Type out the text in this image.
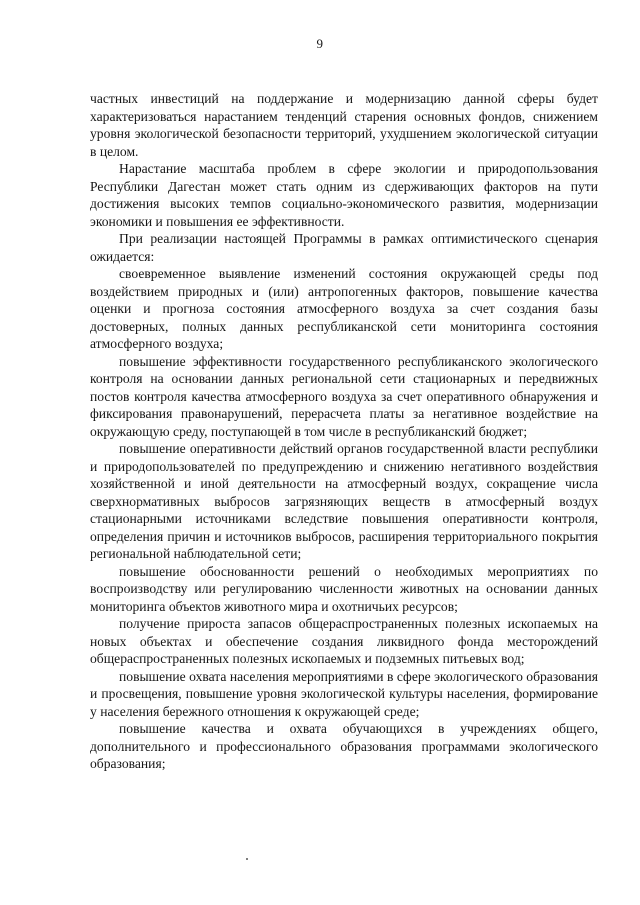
9

частных инвестиций на поддержание и модернизацию данной сферы будет характеризоваться нарастанием тенденций старения основных фондов, снижением уровня экологической безопасности территорий, ухудшением экологической ситуации в целом.

Нарастание масштаба проблем в сфере экологии и природопользования Республики Дагестан может стать одним из сдерживающих факторов на пути достижения высоких темпов социально-экономического развития, модернизации экономики и повышения ее эффективности.

При реализации настоящей Программы в рамках оптимистического сценария ожидается:

своевременное выявление изменений состояния окружающей среды под воздействием природных и (или) антропогенных факторов, повышение качества оценки и прогноза состояния атмосферного воздуха за счет создания базы достоверных, полных данных республиканской сети мониторинга состояния атмосферного воздуха;

повышение эффективности государственного республиканского экологического контроля на основании данных региональной сети стационарных и передвижных постов контроля качества атмосферного воздуха за счет оперативного обнаружения и фиксирования правонарушений, перерасчета платы за негативное воздействие на окружающую среду, поступающей в том числе в республиканский бюджет;

повышение оперативности действий органов государственной власти республики и природопользователей по предупреждению и снижению негативного воздействия хозяйственной и иной деятельности на атмосферный воздух, сокращение числа сверхнормативных выбросов загрязняющих веществ в атмосферный воздух стационарными источниками вследствие повышения оперативности контроля, определения причин и источников выбросов, расширения территориального покрытия региональной наблюдательной сети;

повышение обоснованности решений о необходимых мероприятиях по воспроизводству или регулированию численности животных на основании данных мониторинга объектов животного мира и охотничьих ресурсов;

получение прироста запасов общераспространенных полезных ископаемых на новых объектах и обеспечение создания ликвидного фонда месторождений общераспространенных полезных ископаемых и подземных питьевых вод;

повышение охвата населения мероприятиями в сфере экологического образования и просвещения, повышение уровня экологической культуры населения, формирование у населения бережного отношения к окружающей среде;

повышение качества и охвата обучающихся в учреждениях общего, дополнительного и профессионального образования программами экологического образования;
